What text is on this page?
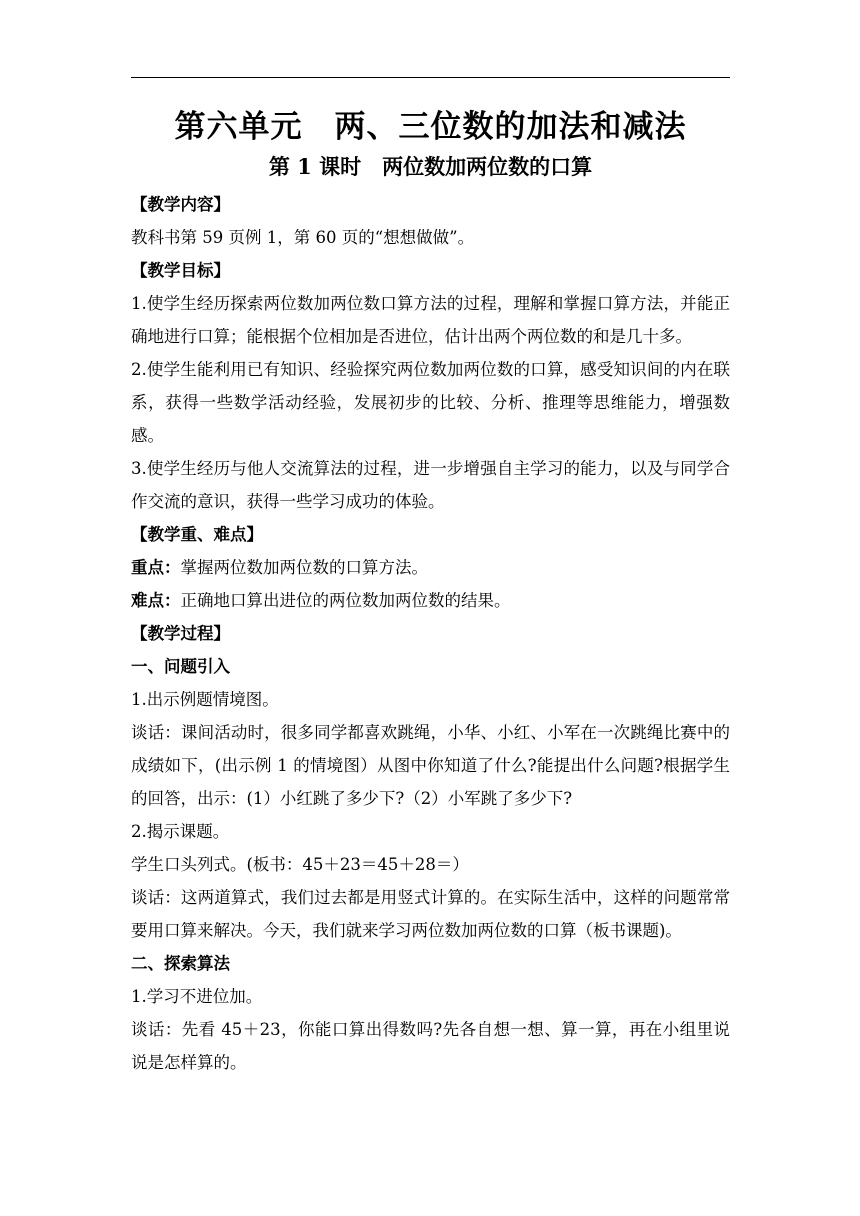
第六单元　两、三位数的加法和减法
第 1 课时　两位数加两位数的口算

【教学内容】

教科书第 59 页例 1，第 60 页的“想想做做”。

【教学目标】

1.使学生经历探索两位数加两位数口算方法的过程，理解和掌握口算方法，并能正确地进行口算；能根据个位相加是否进位，估计出两个两位数的和是几十多。

2.使学生能利用已有知识、经验探究两位数加两位数的口算，感受知识间的内在联系，获得一些数学活动经验，发展初步的比较、分析、推理等思维能力，增强数感。

3.使学生经历与他人交流算法的过程，进一步增强自主学习的能力，以及与同学合作交流的意识，获得一些学习成功的体验。

【教学重、难点】

重点：掌握两位数加两位数的口算方法。

难点：正确地口算出进位的两位数加两位数的结果。

【教学过程】

一、问题引入

1.出示例题情境图。

谈话：课间活动时，很多同学都喜欢跳绳，小华、小红、小军在一次跳绳比赛中的成绩如下，(出示例 1 的情境图）从图中你知道了什么?能提出什么问题?根据学生的回答，出示：(1）小红跳了多少下?（2）小军跳了多少下?

2.揭示课题。

学生口头列式。(板书：45＋23＝45＋28＝）

谈话：这两道算式，我们过去都是用竖式计算的。在实际生活中，这样的问题常常要用口算来解决。今天，我们就来学习两位数加两位数的口算（板书课题)。

二、探索算法

1.学习不进位加。

谈话：先看 45＋23，你能口算出得数吗?先各自想一想、算一算，再在小组里说说是怎样算的。
